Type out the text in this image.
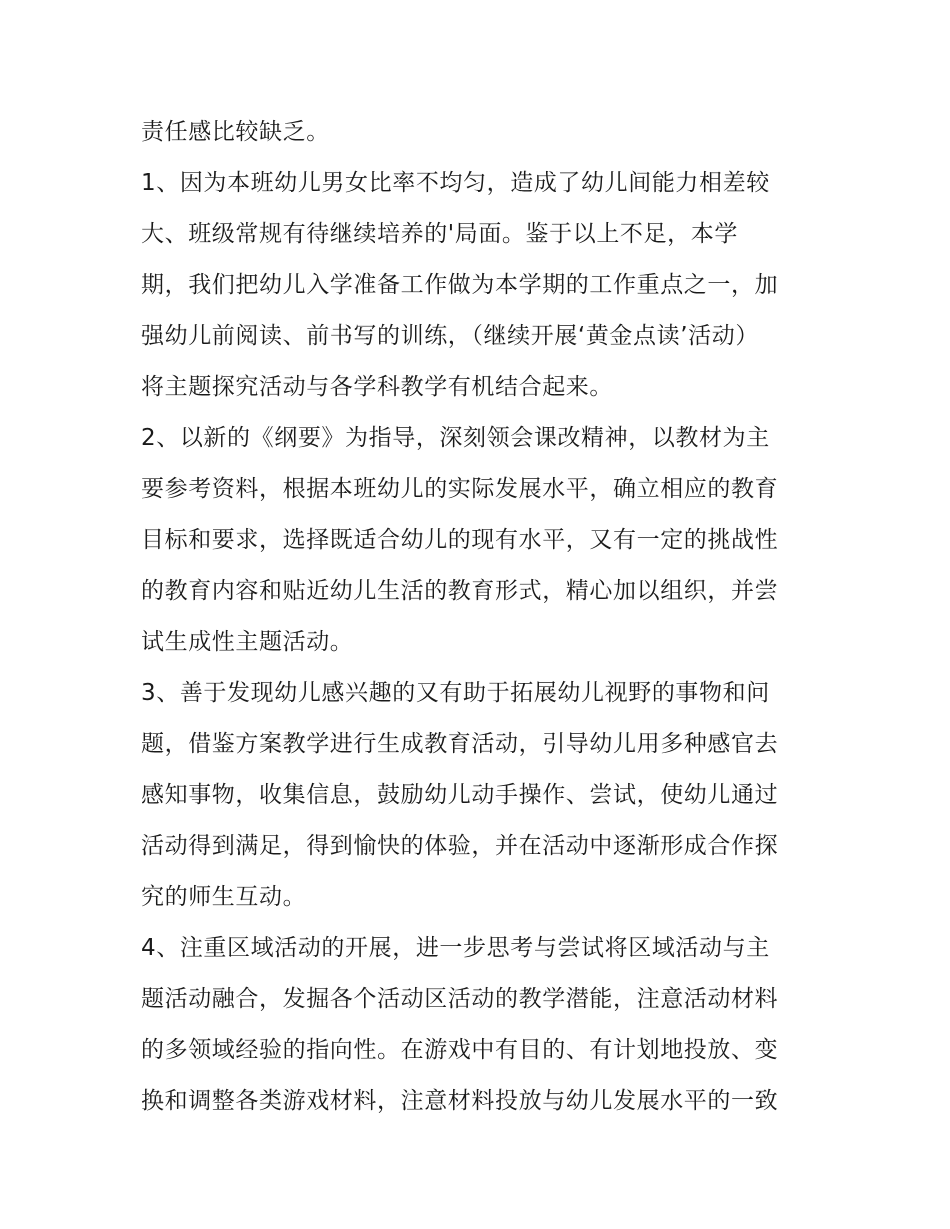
责任感比较缺乏。
1、因为本班幼儿男女比率不均匀，造成了幼儿间能力相差较
大、班级常规有待继续培养的'局面。鉴于以上不足，本学
期，我们把幼儿入学准备工作做为本学期的工作重点之一，加
强幼儿前阅读、前书写的训练，（继续开展‘黄金点读’活动）
将主题探究活动与各学科教学有机结合起来。
2、以新的《纲要》为指导，深刻领会课改精神，以教材为主
要参考资料，根据本班幼儿的实际发展水平，确立相应的教育
目标和要求，选择既适合幼儿的现有水平，又有一定的挑战性
的教育内容和贴近幼儿生活的教育形式，精心加以组织，并尝
试生成性主题活动。
3、善于发现幼儿感兴趣的又有助于拓展幼儿视野的事物和问
题，借鉴方案教学进行生成教育活动，引导幼儿用多种感官去
感知事物，收集信息，鼓励幼儿动手操作、尝试，使幼儿通过
活动得到满足，得到愉快的体验，并在活动中逐渐形成合作探
究的师生互动。
4、注重区域活动的开展，进一步思考与尝试将区域活动与主
题活动融合，发掘各个活动区活动的教学潜能，注意活动材料
的多领域经验的指向性。在游戏中有目的、有计划地投放、变
换和调整各类游戏材料，注意材料投放与幼儿发展水平的一致
